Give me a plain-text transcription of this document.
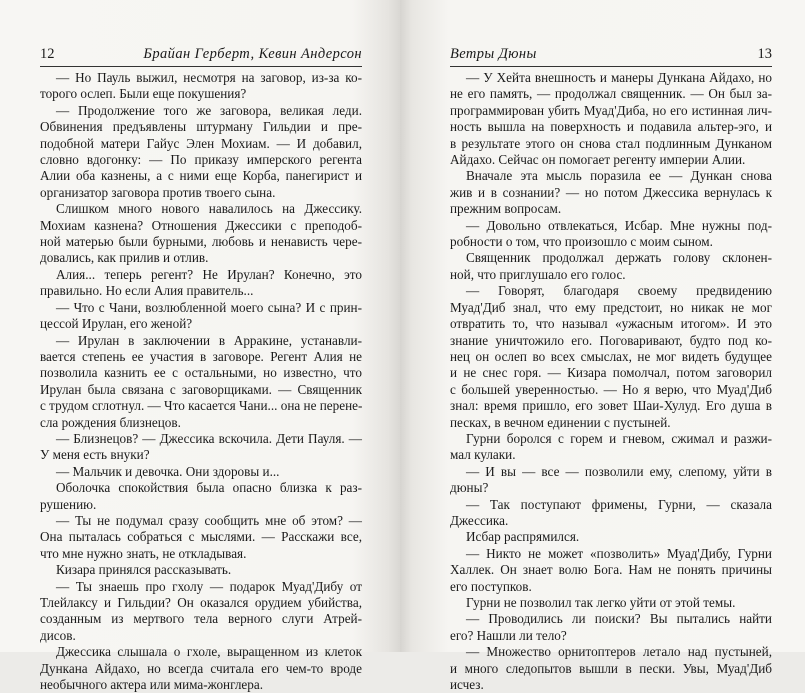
12	Брайан Герберт, Кевин Андерсон
— Но Пауль выжил, несмотря на заговор, из-за ко-
торого ослеп. Были еще покушения?
— Продолжение того же заговора, великая леди.
Обвинения предъявлены штурману Гильдии и пре-
подобной матери Гайус Элен Мохиам. — И добавил,
словно вдогонку: — По приказу имперского регента
Алии оба казнены, а с ними еще Корба, панегирист и
организатор заговора против твоего сына.
Слишком много нового навалилось на Джессику.
Мохиам казнена? Отношения Джессики с преподоб-
ной матерью были бурными, любовь и ненависть чере-
довались, как прилив и отлив.
Алия... теперь регент? Не Ирулан? Конечно, это
правильно. Но если Алия правитель...
— Что с Чани, возлюбленной моего сына? И с прин-
цессой Ирулан, его женой?
— Ирулан в заключении в Арракине, устанавли-
вается степень ее участия в заговоре. Регент Алия не
позволила казнить ее с остальными, но известно, что
Ирулан была связана с заговорщиками. — Священник
с трудом сглотнул. — Что касается Чани... она не перене-
сла рождения близнецов.
— Близнецов? — Джессика вскочила. Дети Пауля. —
У меня есть внуки?
— Мальчик и девочка. Они здоровы и...
Оболочка спокойствия была опасно близка к раз-
рушению.
— Ты не подумал сразу сообщить мне об этом? —
Она пыталась собраться с мыслями. — Расскажи все,
что мне нужно знать, не откладывая.
Кизара принялся рассказывать.
— Ты знаешь про гхолу — подарок Муад'Дибу от
Тлейлаксу и Гильдии? Он оказался орудием убийства,
созданным из мертвого тела верного слуги Атрей-
дисов.
Джессика слышала о гхоле, выращенном из клеток
Дункана Айдахо, но всегда считала его чем-то вроде
необычного актера или мима-жонглера.
Ветры Дюны	13
— У Хейта внешность и манеры Дункана Айдахо, но
не его память, — продолжал священник. — Он был за-
программирован убить Муад'Диба, но его истинная лич-
ность вышла на поверхность и подавила альтер-эго, и
в результате этого он снова стал подлинным Дунканом
Айдахо. Сейчас он помогает регенту империи Алии.
Вначале эта мысль поразила ее — Дункан снова
жив и в сознании? — но потом Джессика вернулась к
прежним вопросам.
— Довольно отвлекаться, Исбар. Мне нужны под-
робности о том, что произошло с моим сыном.
Священник продолжал держать голову склонен-
ной, что приглушало его голос.
— Говорят, благодаря своему предвидению
Муад'Диб знал, что ему предстоит, но никак не мог
отвратить то, что называл «ужасным итогом». И это
знание уничтожило его. Поговаривают, будто под ко-
нец он ослеп во всех смыслах, не мог видеть будущее
и не снес горя. — Кизара помолчал, потом заговорил
с большей уверенностью. — Но я верю, что Муад'Диб
знал: время пришло, его зовет Шаи-Хулуд. Его душа в
песках, в вечном единении с пустыней.
Гурни боролся с горем и гневом, сжимал и разжи-
мал кулаки.
— И вы — все — позволили ему, слепому, уйти в
дюны?
— Так поступают фримены, Гурни, — сказала
Джессика.
Исбар распрямился.
— Никто не может «позволить» Муад'Дибу, Гурни
Халлек. Он знает волю Бога. Нам не понять причины
его поступков.
Гурни не позволил так легко уйти от этой темы.
— Проводились ли поиски? Вы пытались найти
его? Нашли ли тело?
— Множество орнитоптеров летало над пустыней,
и много следопытов вышли в пески. Увы, Муад'Диб
исчез.
